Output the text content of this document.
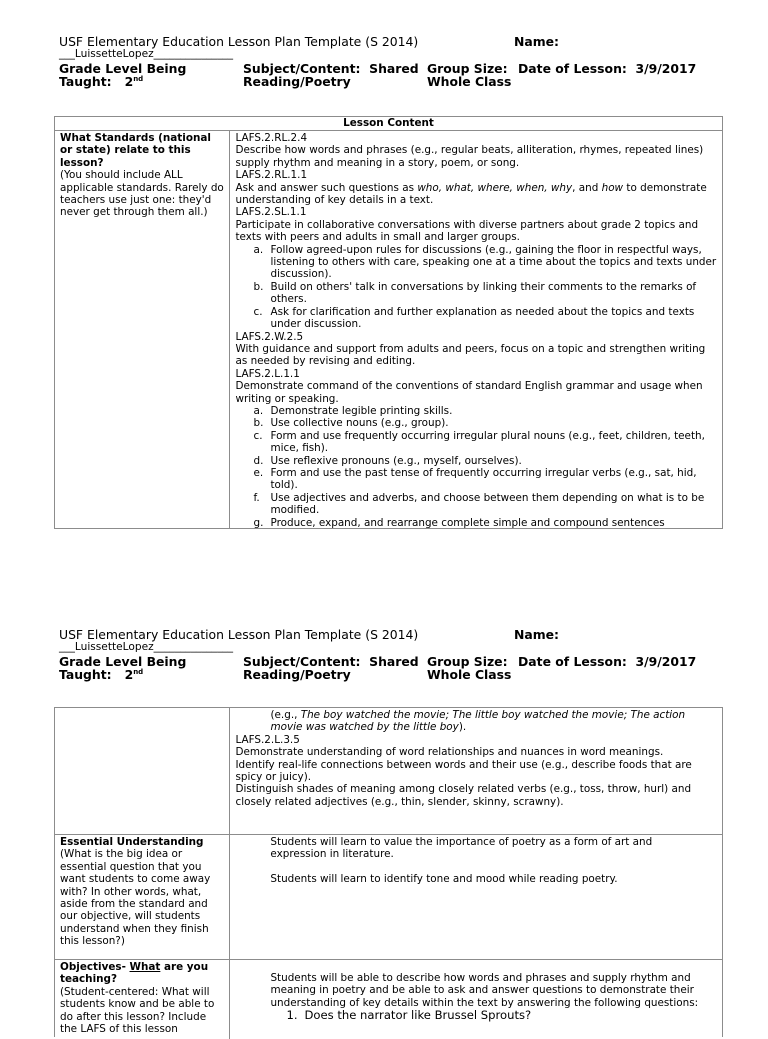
USF Elementary Education Lesson Plan Template (S 2014)	Name:
___LuissetteLopez_______________
Grade Level Being Taught: 2nd
Subject/Content: Shared Reading/Poetry
Group Size: Whole Class
Date of Lesson: 3/9/2017
Lesson Content
What Standards (national or state) relate to this lesson?
(You should include ALL applicable standards. Rarely do teachers use just one: they'd never get through them all.)
LAFS.2.RL.2.4
Describe how words and phrases (e.g., regular beats, alliteration, rhymes, repeated lines) supply rhythm and meaning in a story, poem, or song.
LAFS.2.RL.1.1
Ask and answer such questions as who, what, where, when, why, and how to demonstrate understanding of key details in a text.
LAFS.2.SL.1.1
Participate in collaborative conversations with diverse partners about grade 2 topics and texts with peers and adults in small and larger groups.
a. Follow agreed-upon rules for discussions (e.g., gaining the floor in respectful ways, listening to others with care, speaking one at a time about the topics and texts under discussion).
b. Build on others' talk in conversations by linking their comments to the remarks of others.
c. Ask for clarification and further explanation as needed about the topics and texts under discussion.
LAFS.2.W.2.5
With guidance and support from adults and peers, focus on a topic and strengthen writing as needed by revising and editing.
LAFS.2.L.1.1
Demonstrate command of the conventions of standard English grammar and usage when writing or speaking.
a. Demonstrate legible printing skills.
b. Use collective nouns (e.g., group).
c. Form and use frequently occurring irregular plural nouns (e.g., feet, children, teeth, mice, fish).
d. Use reflexive pronouns (e.g., myself, ourselves).
e. Form and use the past tense of frequently occurring irregular verbs (e.g., sat, hid, told).
f. Use adjectives and adverbs, and choose between them depending on what is to be modified.
g. Produce, expand, and rearrange complete simple and compound sentences
USF Elementary Education Lesson Plan Template (S 2014)	Name:
___LuissetteLopez_______________
Grade Level Being Taught: 2nd
Subject/Content: Shared Reading/Poetry
Group Size: Whole Class
Date of Lesson: 3/9/2017
(e.g., The boy watched the movie; The little boy watched the movie; The action movie was watched by the little boy).
LAFS.2.L.3.5
Demonstrate understanding of word relationships and nuances in word meanings.
Identify real-life connections between words and their use (e.g., describe foods that are spicy or juicy).
Distinguish shades of meaning among closely related verbs (e.g., toss, throw, hurl) and closely related adjectives (e.g., thin, slender, skinny, scrawny).
Essential Understanding
(What is the big idea or essential question that you want students to come away with? In other words, what, aside from the standard and our objective, will students understand when they finish this lesson?)
Students will learn to value the importance of poetry as a form of art and expression in literature.
Students will learn to identify tone and mood while reading poetry.
Objectives- What are you teaching?
(Student-centered: What will students know and be able to do after this lesson? Include the LAFS of this lesson
Students will be able to describe how words and phrases and supply rhythm and meaning in poetry and be able to ask and answer questions to demonstrate their understanding of key details within the text by answering the following questions:
1. Does the narrator like Brussel Sprouts?
